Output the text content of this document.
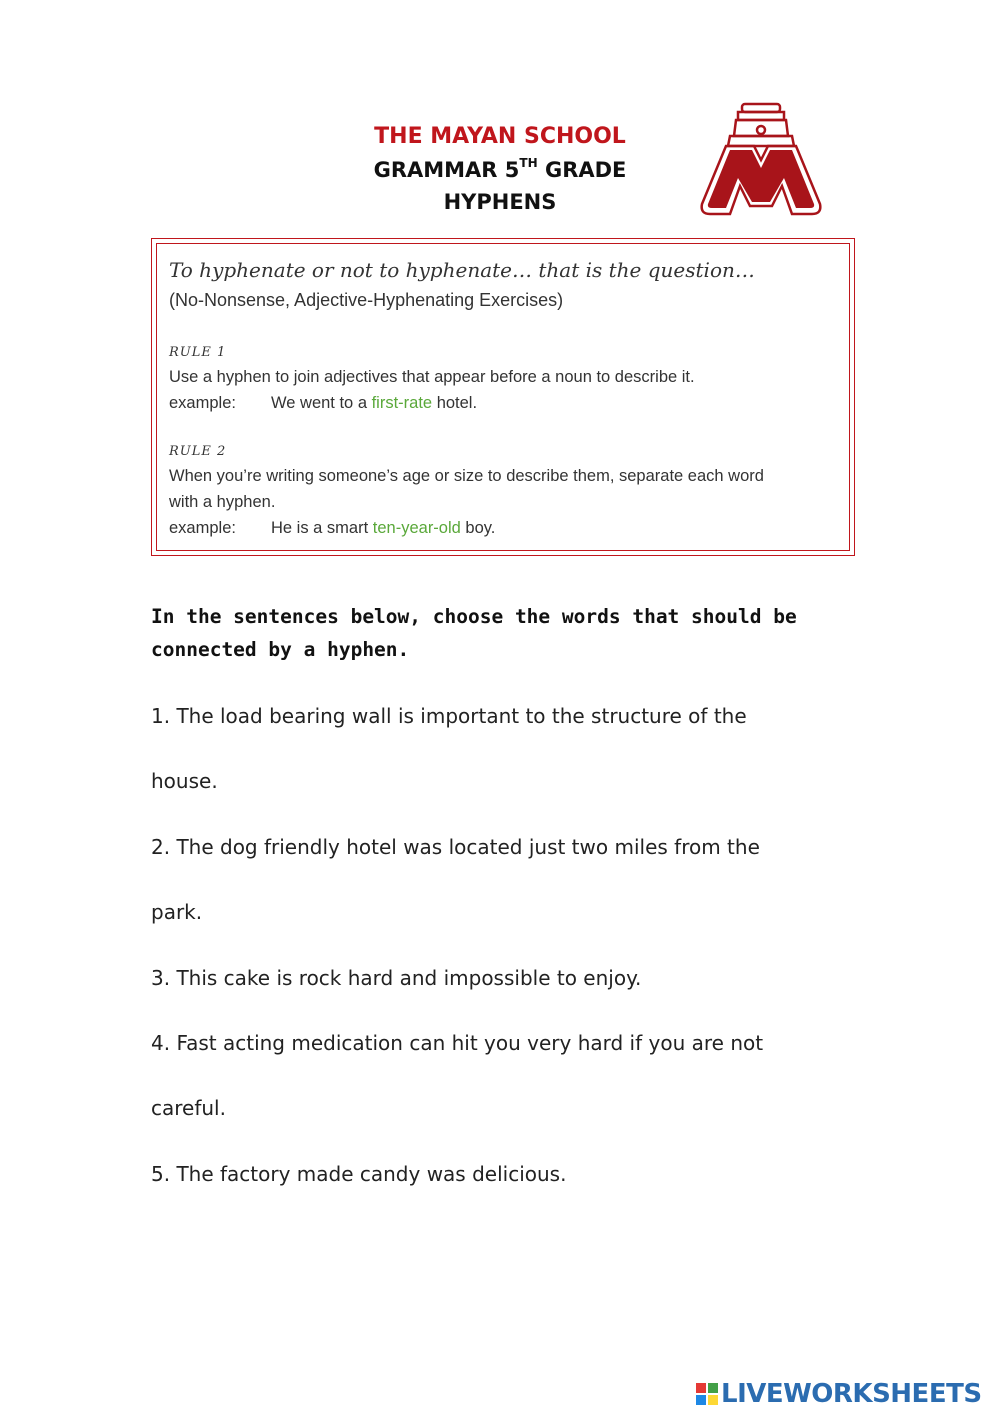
THE MAYAN SCHOOL
GRAMMAR 5TH GRADE
HYPHENS
To hyphenate or not to hyphenate… that is the question…
(No-Nonsense, Adjective-Hyphenating Exercises)
RULE 1
Use a hyphen to join adjectives that appear before a noun to describe it.
example: We went to a first-rate hotel.
RULE 2
When you’re writing someone’s age or size to describe them, separate each word
with a hyphen.
example: He is a smart ten-year-old boy.
In the sentences below, choose the words that should be connected by a hyphen.
1. The load bearing wall is important to the structure of the
house.
2. The dog friendly hotel was located just two miles from the
park.
3. This cake is rock hard and impossible to enjoy.
4. Fast acting medication can hit you very hard if you are not
careful.
5. The factory made candy was delicious.
LIVEWORKSHEETS
